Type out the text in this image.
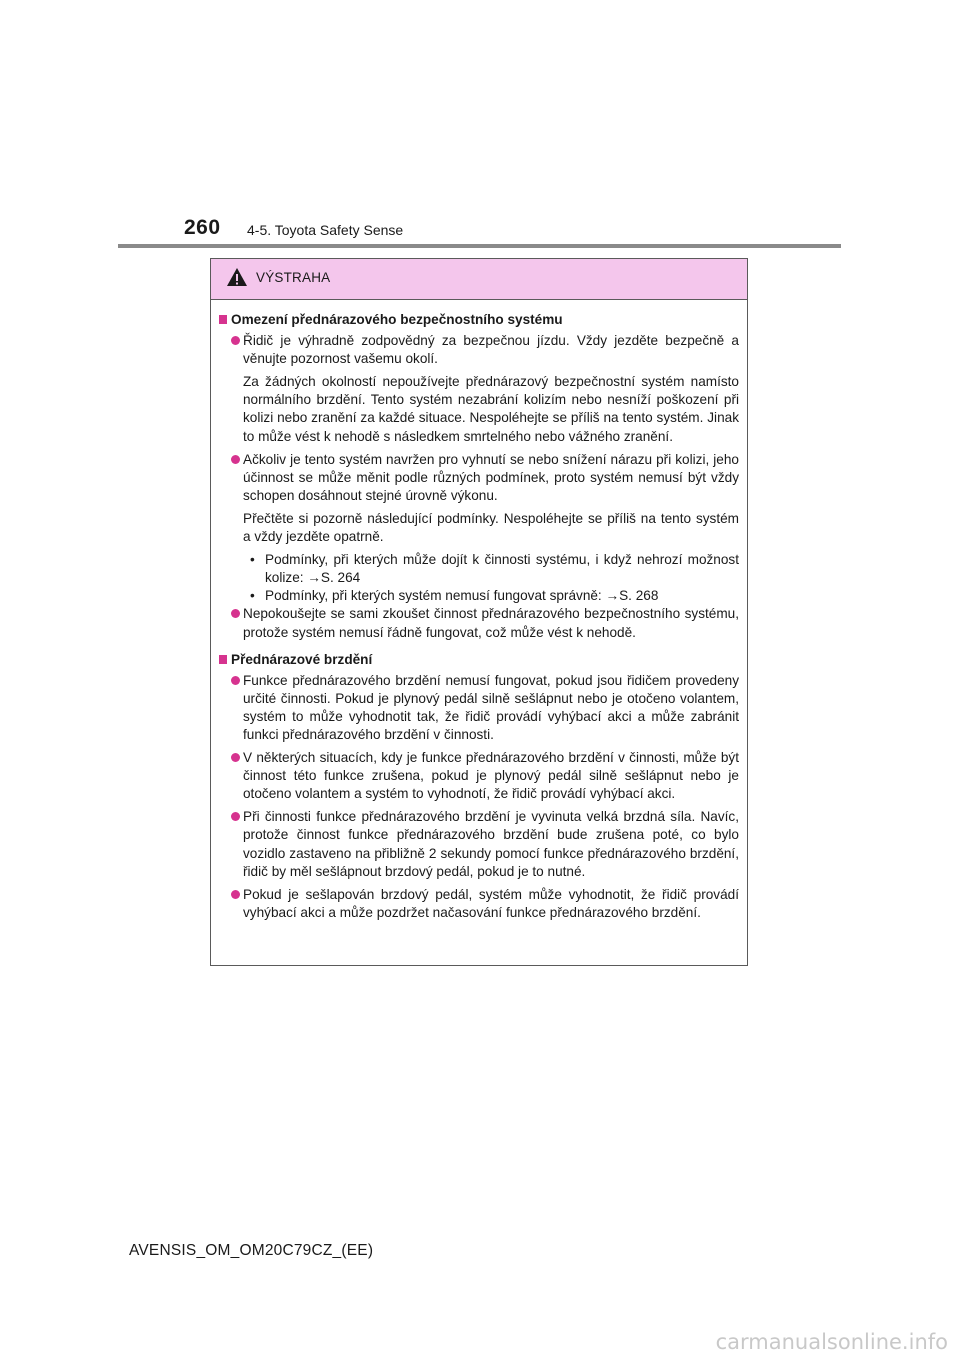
260 4-5. Toyota Safety Sense
VÝSTRAHA
Omezení přednárazového bezpečnostního systému
Řidič je výhradně zodpovědný za bezpečnou jízdu. Vždy jezděte bezpečně a věnujte pozornost vašemu okolí.
Za žádných okolností nepoužívejte přednárazový bezpečnostní systém namísto normálního brzdění. Tento systém nezabrání kolizím nebo nesníží poškození při kolizi nebo zranění za každé situace. Nespoléhejte se příliš na tento systém. Jinak to může vést k nehodě s následkem smrtelného nebo vážného zranění.
Ačkoliv je tento systém navržen pro vyhnutí se nebo snížení nárazu při kolizi, jeho účinnost se může měnit podle různých podmínek, proto systém nemusí být vždy schopen dosáhnout stejné úrovně výkonu.
Přečtěte si pozorně následující podmínky. Nespoléhejte se příliš na tento systém a vždy jezděte opatrně.
• Podmínky, při kterých může dojít k činnosti systému, i když nehrozí možnost kolize: →S. 264
• Podmínky, při kterých systém nemusí fungovat správně: →S. 268
Nepokoušejte se sami zkoušet činnost přednárazového bezpečnostního systému, protože systém nemusí řádně fungovat, což může vést k nehodě.
Přednárazové brzdění
Funkce přednárazového brzdění nemusí fungovat, pokud jsou řidičem provedeny určité činnosti. Pokud je plynový pedál silně sešlápnut nebo je otočeno volantem, systém to může vyhodnotit tak, že řidič provádí vyhýbací akci a může zabránit funkci přednárazového brzdění v činnosti.
V některých situacích, kdy je funkce přednárazového brzdění v činnosti, může být činnost této funkce zrušena, pokud je plynový pedál silně sešlápnut nebo je otočeno volantem a systém to vyhodnotí, že řidič provádí vyhýbací akci.
Při činnosti funkce přednárazového brzdění je vyvinuta velká brzdná síla. Navíc, protože činnost funkce přednárazového brzdění bude zrušena poté, co bylo vozidlo zastaveno na přibližně 2 sekundy pomocí funkce přednárazového brzdění, řidič by měl sešlápnout brzdový pedál, pokud je to nutné.
Pokud je sešlapován brzdový pedál, systém může vyhodnotit, že řidič provádí vyhýbací akci a může pozdržet načasování funkce přednárazového brzdění.
AVENSIS_OM_OM20C79CZ_(EE)
carmanualsonline.info
